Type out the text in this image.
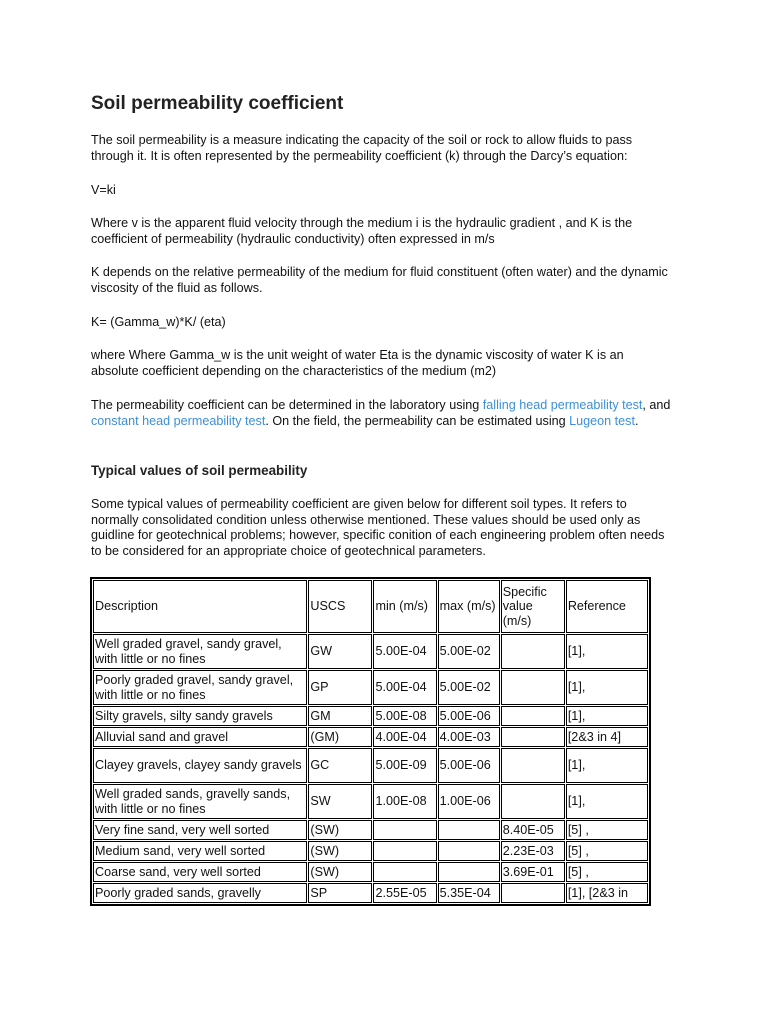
Soil permeability coefficient

The soil permeability is a measure indicating the capacity of the soil or rock to allow fluids to pass through it. It is often represented by the permeability coefficient (k) through the Darcy’s equation:

V=ki

Where v is the apparent fluid velocity through the medium i is the hydraulic gradient , and K is the coefficient of permeability (hydraulic conductivity) often expressed in m/s

K depends on the relative permeability of the medium for fluid constituent (often water) and the dynamic viscosity of the fluid as follows.

K= (Gamma_w)*K/ (eta)

where Where Gamma_w is the unit weight of water Eta is the dynamic viscosity of water K is an absolute coefficient depending on the characteristics of the medium (m2)

The permeability coefficient can be determined in the laboratory using falling head permeability test, and constant head permeability test. On the field, the permeability can be estimated using Lugeon test.

Typical values of soil permeability

Some typical values of permeability coefficient are given below for different soil types. It refers to normally consolidated condition unless otherwise mentioned. These values should be used only as guidline for geotechnical problems; however, specific conition of each engineering problem often needs to be considered for an appropriate choice of geotechnical parameters.

Description	USCS	min (m/s)	max (m/s)	Specific value (m/s)	Reference
Well graded gravel, sandy gravel, with little or no fines	GW	5.00E-04	5.00E-02		[1],
Poorly graded gravel, sandy gravel, with little or no fines	GP	5.00E-04	5.00E-02		[1],
Silty gravels, silty sandy gravels	GM	5.00E-08	5.00E-06		[1],
Alluvial sand and gravel	(GM)	4.00E-04	4.00E-03		[2&3 in 4]
Clayey gravels, clayey sandy gravels	GC	5.00E-09	5.00E-06		[1],
Well graded sands, gravelly sands, with little or no fines	SW	1.00E-08	1.00E-06		[1],
Very fine sand, very well sorted	(SW)			8.40E-05	[5] ,
Medium sand, very well sorted	(SW)			2.23E-03	[5] ,
Coarse sand, very well sorted	(SW)			3.69E-01	[5] ,
Poorly graded sands, gravelly	SP	2.55E-05	5.35E-04		[1], [2&3 in
